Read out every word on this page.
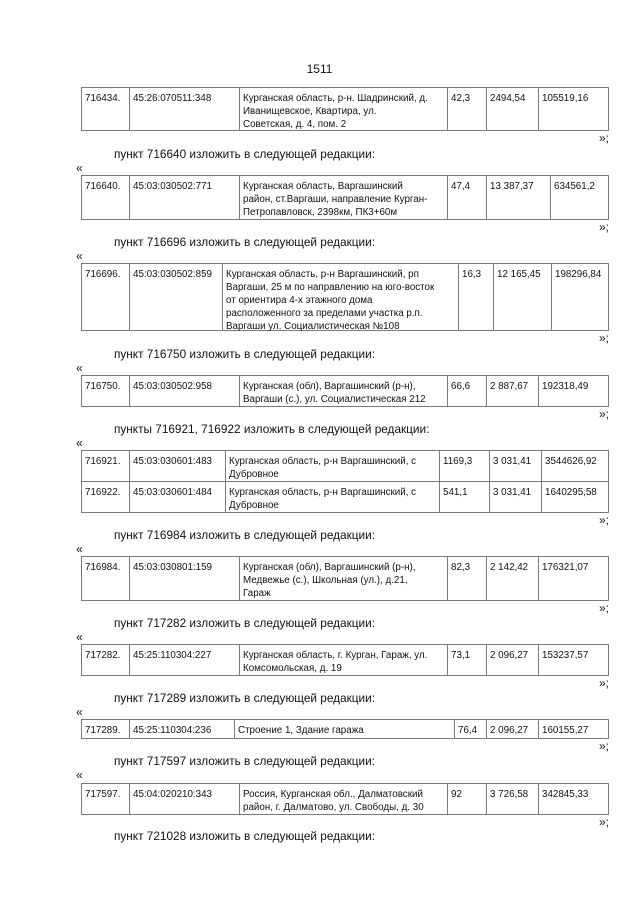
1511
716434.	45:26:070511:348	Курганская область, р-н. Шадринский, д.
Иванищевское, Квартира, ул.
Советская, д. 4, пом. 2
42,3	2494,54	105519,16
»;
пункт 716640 изложить в следующей редакции:
«
716640.	45:03:030502:771	Курганская область, Варгашинский
район, ст.Варгаши, направление Курган-
Петропавловск, 2398км, ПК3+60м
47,4	13 387,37	634561,2
»;
пункт 716696 изложить в следующей редакции:
«
716696.	45:03:030502:859	Курганская область, р-н Варгашинский, рп
Варгаши, 25 м по направлению на юго-восток
от ориентира 4-х этажного дома
расположенного за пределами участка р.п.
Варгаши ул. Социалистическая №108
16,3	12 165,45	198296,84
»;
пункт 716750 изложить в следующей редакции:
«
716750.	45:03:030502:958	Курганская (обл), Варгашинский (р-н),
Варгаши (с.), ул. Социалистическая 212
66,6	2 887,67	192318,49
»;
пункты 716921, 716922 изложить в следующей редакции:
«
716921.	45:03:030601:483	Курганская область, р-н Варгашинский, с
Дубровное
1169,3	3 031,41	3544626,92
716922.	45:03:030601:484	Курганская область, р-н Варгашинский, с
Дубровное
541,1	3 031,41	1640295,58
»;
пункт 716984 изложить в следующей редакции:
«
716984.	45:03:030801:159	Курганская (обл), Варгашинский (р-н),
Медвежье (с.), Школьная (ул.), д.21,
Гараж
82,3	2 142,42	176321,07
»;
пункт 717282 изложить в следующей редакции:
«
717282.	45:25:110304:227	Курганская область, г. Курган, Гараж, ул.
Комсомольская, д. 19
73,1	2 096,27	153237,57
»;
пункт 717289 изложить в следующей редакции:
«
717289.	45:25:110304:236	Строение 1, Здание гаража	76,4	2 096,27	160155,27
»;
пункт 717597 изложить в следующей редакции:
«
717597.	45:04:020210:343	Россия, Курганская обл., Далматовский
район, г. Далматово, ул. Свободы, д. 30
92	3 726,58	342845,33
»;
пункт 721028 изложить в следующей редакции:
